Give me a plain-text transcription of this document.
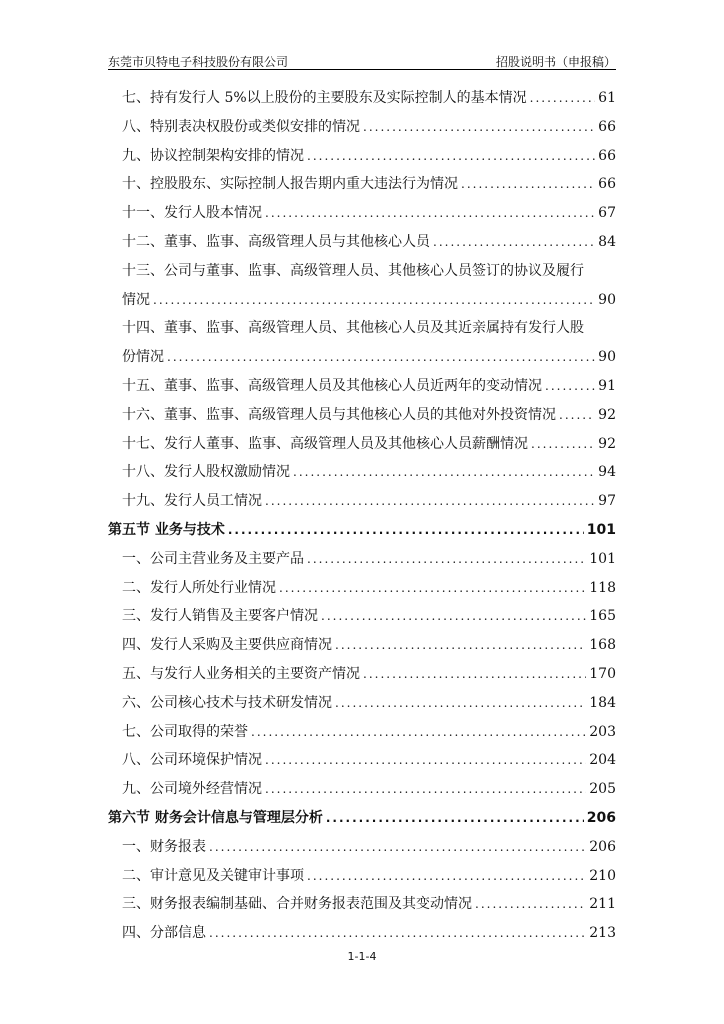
东莞市贝特电子科技股份有限公司	招股说明书（申报稿）
七、持有发行人 5%以上股份的主要股东及实际控制人的基本情况 .....	61
八、特别表决权股份或类似安排的情况 .....	66
九、协议控制架构安排的情况 .....	66
十、控股股东、实际控制人报告期内重大违法行为情况 .....	66
十一、发行人股本情况 .....	67
十二、董事、监事、高级管理人员与其他核心人员 .....	84
十三、公司与董事、监事、高级管理人员、其他核心人员签订的协议及履行
情况 .....	90
十四、董事、监事、高级管理人员、其他核心人员及其近亲属持有发行人股
份情况 .....	90
十五、董事、监事、高级管理人员及其他核心人员近两年的变动情况 .....	91
十六、董事、监事、高级管理人员与其他核心人员的其他对外投资情况 .....	92
十七、发行人董事、监事、高级管理人员及其他核心人员薪酬情况 .....	92
十八、发行人股权激励情况 .....	94
十九、发行人员工情况 .....	97
第五节 业务与技术 .....	101
一、公司主营业务及主要产品 .....	101
二、发行人所处行业情况 .....	118
三、发行人销售及主要客户情况 .....	165
四、发行人采购及主要供应商情况 .....	168
五、与发行人业务相关的主要资产情况 .....	170
六、公司核心技术与技术研发情况 .....	184
七、公司取得的荣誉 .....	203
八、公司环境保护情况 .....	204
九、公司境外经营情况 .....	205
第六节 财务会计信息与管理层分析 .....	206
一、财务报表 .....	206
二、审计意见及关键审计事项 .....	210
三、财务报表编制基础、合并财务报表范围及其变动情况 .....	211
四、分部信息 .....	213
1-1-4
